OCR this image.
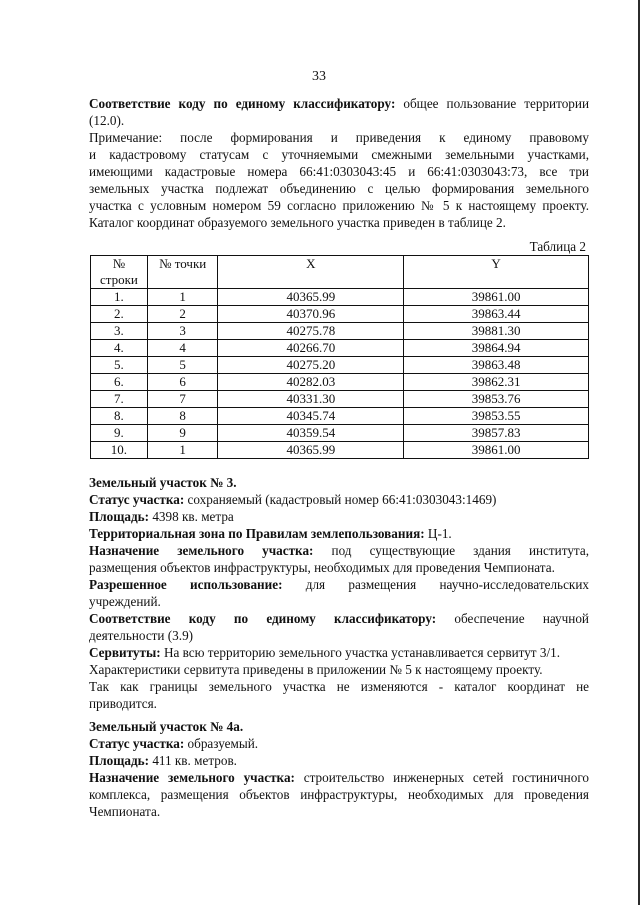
33
Соответствие коду по единому классификатору: общее пользование территории
(12.0).
Примечание: после формирования и приведения к единому правовому
и кадастровому статусам с уточняемыми смежными земельными участками,
имеющими кадастровые номера 66:41:0303043:45 и 66:41:0303043:73, все три
земельных участка подлежат объединению с целью формирования земельного
участка с условным номером 59 согласно приложению № 5 к настоящему проекту.
Каталог координат образуемого земельного участка приведен в таблице 2.
Таблица 2
№
строки	№ точки	X	Y
1.	1	40365.99	39861.00
2.	2	40370.96	39863.44
3.	3	40275.78	39881.30
4.	4	40266.70	39864.94
5.	5	40275.20	39863.48
6.	6	40282.03	39862.31
7.	7	40331.30	39853.76
8.	8	40345.74	39853.55
9.	9	40359.54	39857.83
10.	1	40365.99	39861.00
Земельный участок № 3.
Статус участка: сохраняемый (кадастровый номер 66:41:0303043:1469)
Площадь: 4398 кв. метра
Территориальная зона по Правилам землепользования: Ц-1.
Назначение земельного участка: под существующие здания института,
размещения объектов инфраструктуры, необходимых для проведения Чемпионата.
Разрешенное использование: для размещения научно-исследовательских
учреждений.
Соответствие коду по единому классификатору: обеспечение научной
деятельности (3.9)
Сервитуты: На всю территорию земельного участка устанавливается сервитут 3/1.
Характеристики сервитута приведены в приложении № 5 к настоящему проекту.
Так как границы земельного участка не изменяются - каталог координат не
приводится.
Земельный участок № 4а.
Статус участка: образуемый.
Площадь: 411 кв. метров.
Назначение земельного участка: строительство инженерных сетей гостиничного
комплекса, размещения объектов инфраструктуры, необходимых для проведения
Чемпионата.
